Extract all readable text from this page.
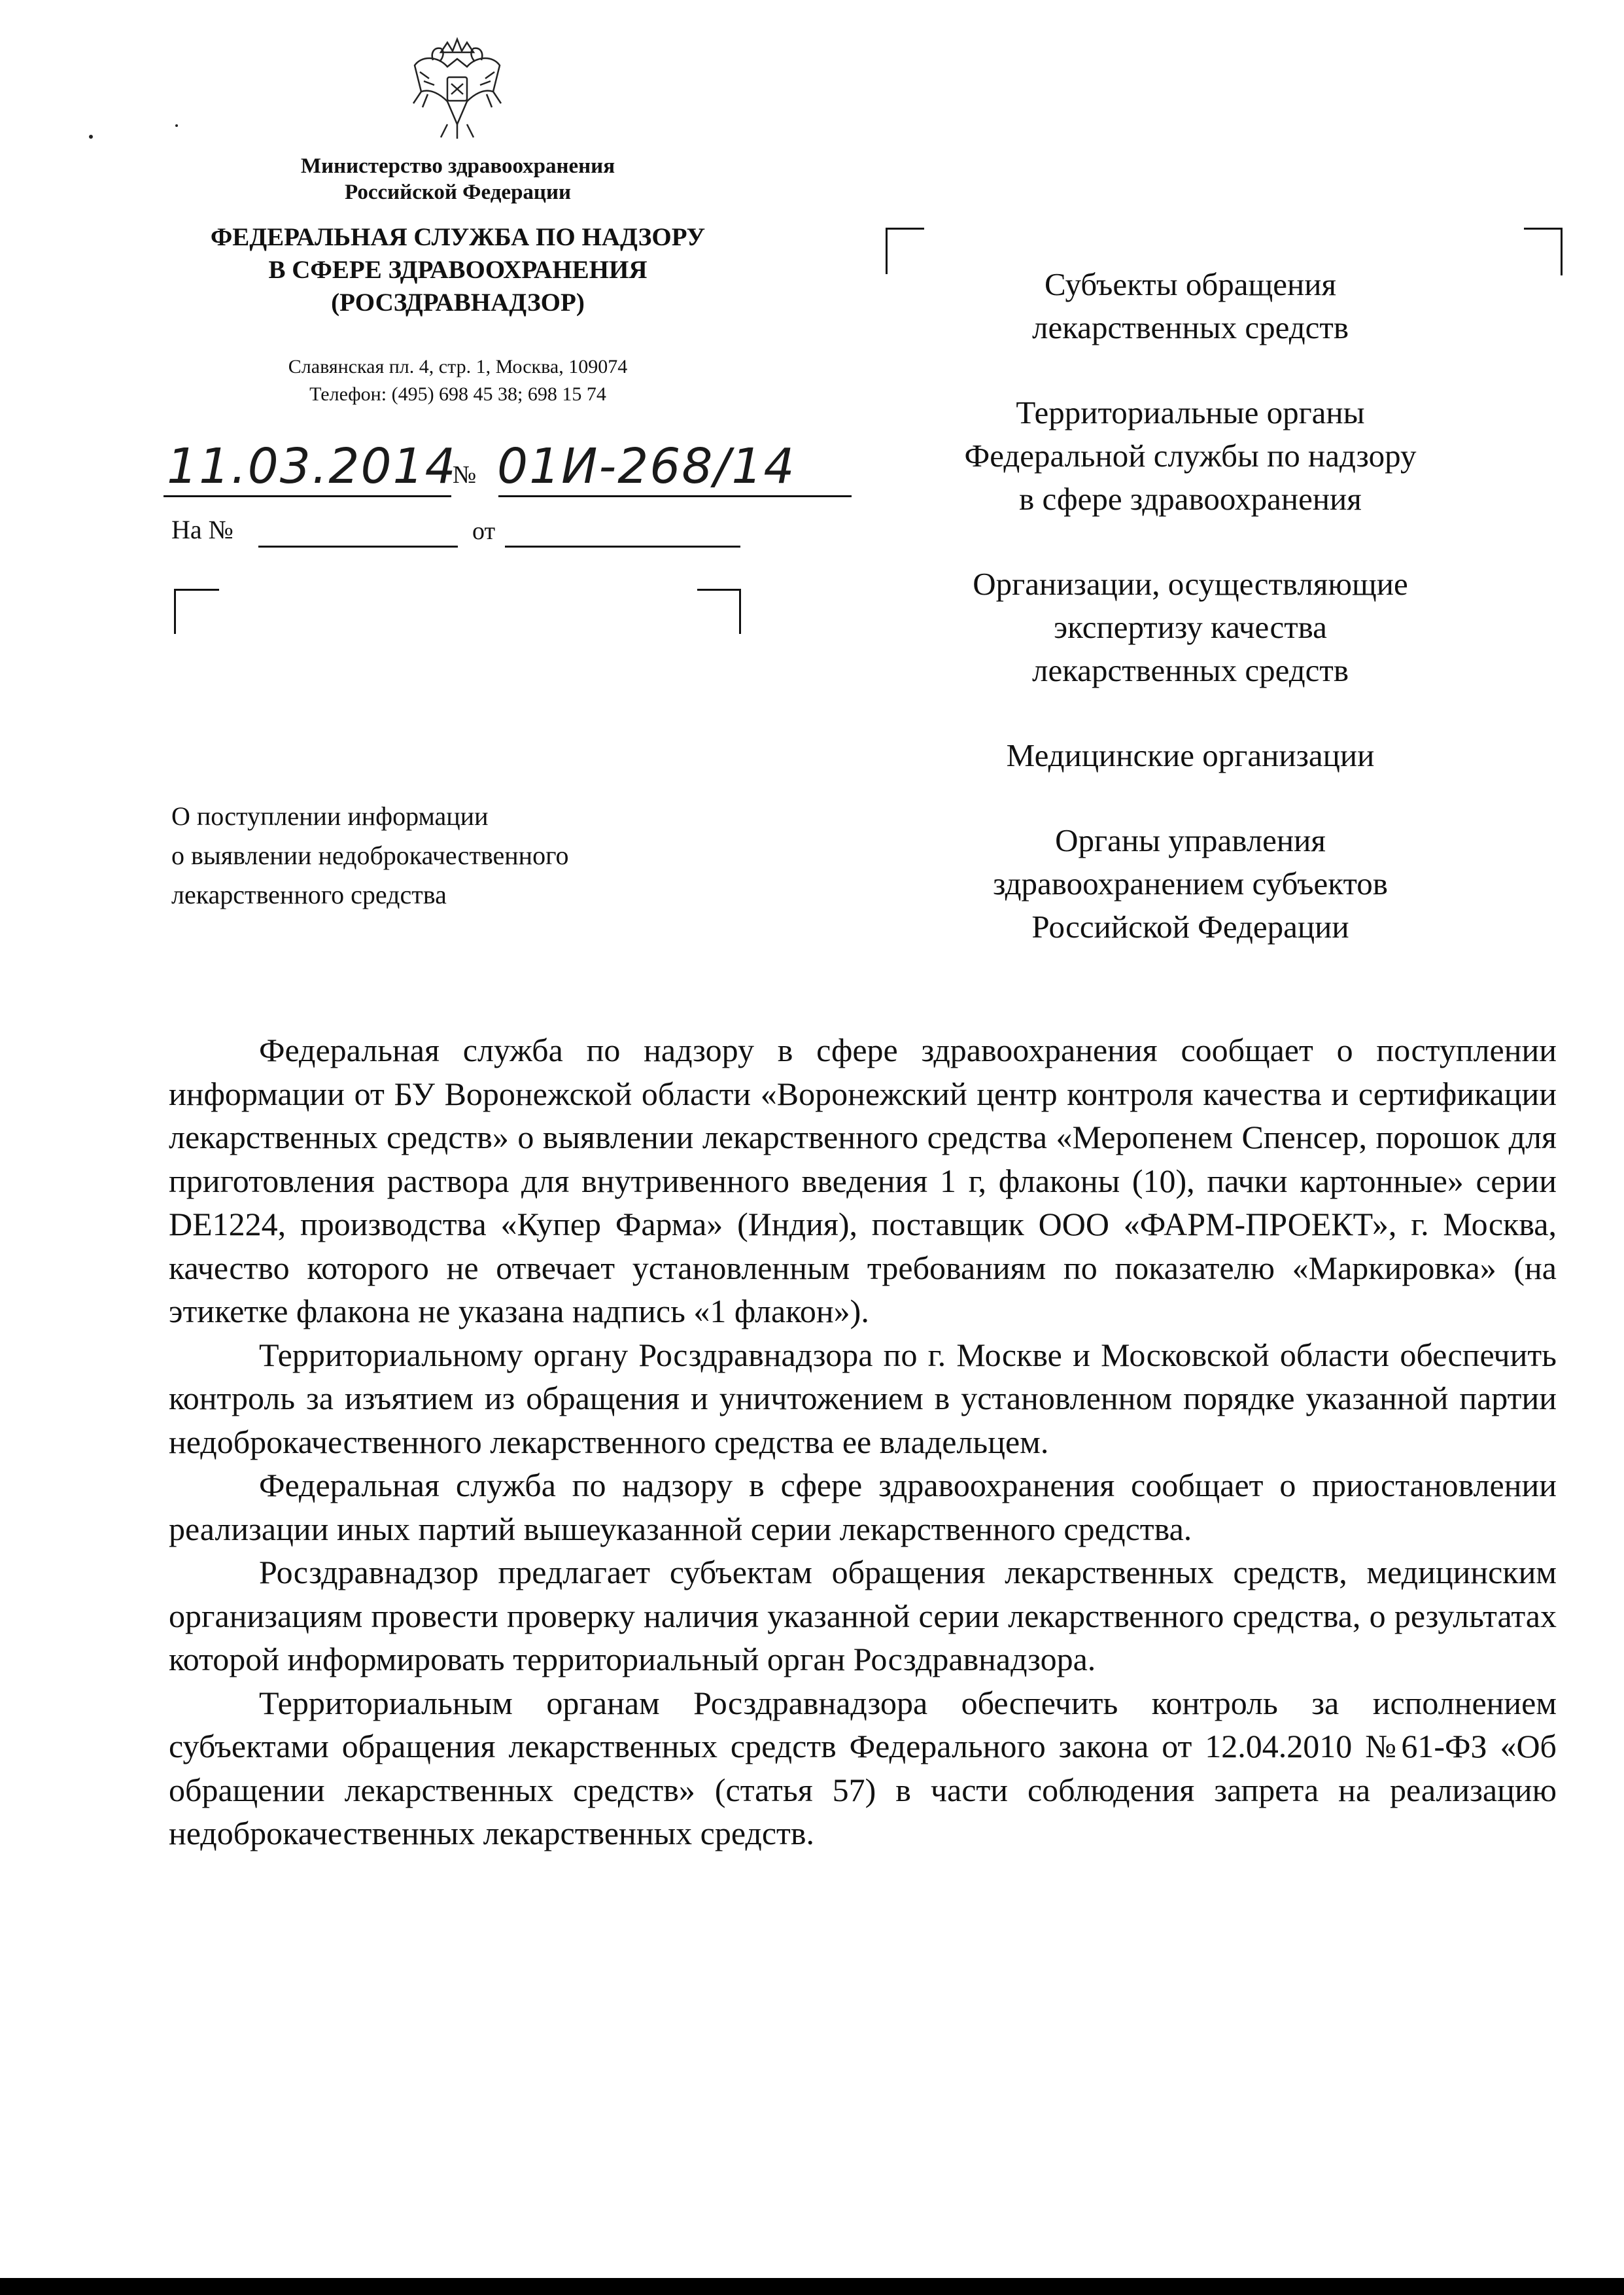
Министерство здравоохранения
Российской Федерации
ФЕДЕРАЛЬНАЯ СЛУЖБА ПО НАДЗОРУ
В СФЕРЕ ЗДРАВООХРАНЕНИЯ
(РОСЗДРАВНАДЗОР)
Славянская пл. 4, стр. 1, Москва, 109074
Телефон: (495) 698 45 38; 698 15 74
11.03.2014
№ 01И-268/14
На №	от
Субъекты обращения
лекарственных средств
Территориальные органы
Федеральной службы по надзору
в сфере здравоохранения
Организации, осуществляющие
экспертизу качества
лекарственных средств
Медицинские организации
Органы управления
здравоохранением субъектов
Российской Федерации
О поступлении информации
о выявлении недоброкачественного
лекарственного средства

Федеральная служба по надзору в сфере здравоохранения сообщает о поступлении информации от БУ Воронежской области «Воронежский центр контроля качества и сертификации лекарственных средств» о выявлении лекарственного средства «Меропенем Спенсер, порошок для приготовления раствора для внутривенного введения 1 г, флаконы (10), пачки картонные» серии DE1224, производства «Купер Фарма» (Индия), поставщик ООО «ФАРМ-ПРОЕКТ», г. Москва, качество которого не отвечает установленным требованиям по показателю «Маркировка» (на этикетке флакона не указана надпись «1 флакон»).

Территориальному органу Росздравнадзора по г. Москве и Московской области обеспечить контроль за изъятием из обращения и уничтожением в установленном порядке указанной партии недоброкачественного лекарственного средства ее владельцем.

Федеральная служба по надзору в сфере здравоохранения сообщает о приостановлении реализации иных партий вышеуказанной серии лекарственного средства.

Росздравнадзор предлагает субъектам обращения лекарственных средств, медицинским организациям провести проверку наличия указанной серии лекарственного средства, о результатах которой информировать территориальный орган Росздравнадзора.

Территориальным органам Росздравнадзора обеспечить контроль за исполнением субъектами обращения лекарственных средств Федерального закона от 12.04.2010 №61-ФЗ «Об обращении лекарственных средств» (статья 57) в части соблюдения запрета на реализацию недоброкачественных лекарственных средств.
